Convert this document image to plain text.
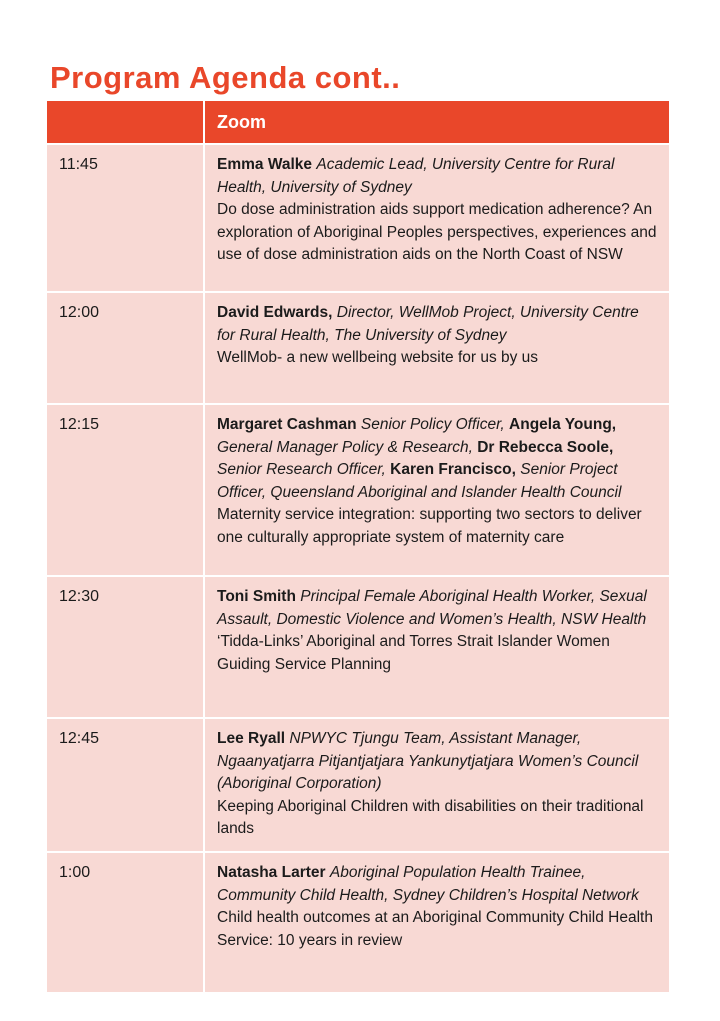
Program Agenda cont..
	Zoom
11:45	Emma Walke Academic Lead, University Centre for Rural Health, University of Sydney
Do dose administration aids support medication adherence? An exploration of Aboriginal Peoples perspectives, experiences and use of dose administration aids on the North Coast of NSW

12:00	David Edwards, Director, WellMob Project, University Centre for Rural Health, The University of Sydney
WellMob- a new wellbeing website for us by us

12:15	Margaret Cashman Senior Policy Officer, Angela Young, General Manager Policy & Research, Dr Rebecca Soole, Senior Research Officer, Karen Francisco, Senior Project Officer, Queensland Aboriginal and Islander Health Council
Maternity service integration: supporting two sectors to deliver one culturally appropriate system of maternity care

12:30	Toni Smith Principal Female Aboriginal Health Worker, Sexual Assault, Domestic Violence and Women’s Health, NSW Health
‘Tidda-Links’ Aboriginal and Torres Strait Islander Women Guiding Service Planning

12:45	Lee Ryall NPWYC Tjungu Team, Assistant Manager, Ngaanyatjarra Pitjantjatjara Yankunytjatjara Women’s Council (Aboriginal Corporation)
Keeping Aboriginal Children with disabilities on their traditional lands

1:00	Natasha Larter Aboriginal Population Health Trainee, Community Child Health, Sydney Children’s Hospital Network
Child health outcomes at an Aboriginal Community Child Health Service: 10 years in review
